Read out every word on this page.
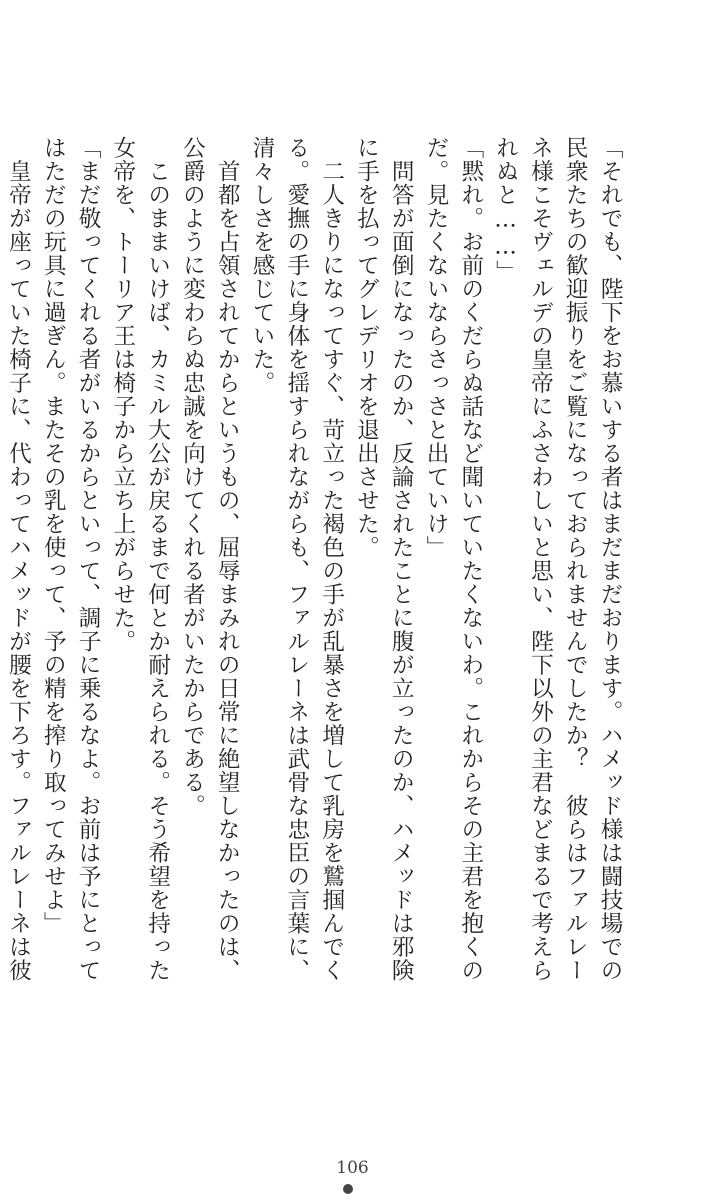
「それでも、陛下をお慕いする者はまだまだおります。ハメッド様は闘技場での民衆たちの歓迎振りをご覧になっておられませんでしたか？　彼らはファルレーネ様こそヴェルデの皇帝にふさわしいと思い、陛下以外の主君などまるで考えられぬと……」

「黙れ。お前のくだらぬ話など聞いていたくないわ。これからその主君を抱くのだ。見たくないならさっさと出ていけ」

　問答が面倒になったのか、反論されたことに腹が立ったのか、ハメッドは邪険に手を払ってグレデリオを退出させた。

　二人きりになってすぐ、苛立った褐色の手が乱暴さを増して乳房を鷲掴んでくる。愛撫の手に身体を揺すられながらも、ファルレーネは武骨な忠臣の言葉に、清々しさを感じていた。

　首都を占領されてからというもの、屈辱まみれの日常に絶望しなかったのは、公爵のように変わらぬ忠誠を向けてくれる者がいたからである。

　このままいけば、カミル大公が戻るまで何とか耐えられる。そう希望を持った女帝を、トーリア王は椅子から立ち上がらせた。

「まだ敬ってくれる者がいるからといって、調子に乗るなよ。お前は予にとってはただの玩具に過ぎん。またその乳を使って、予の精を搾り取ってみせよ」

　皇帝が座っていた椅子に、代わってハメッドが腰を下ろす。ファルレーネは彼

106
